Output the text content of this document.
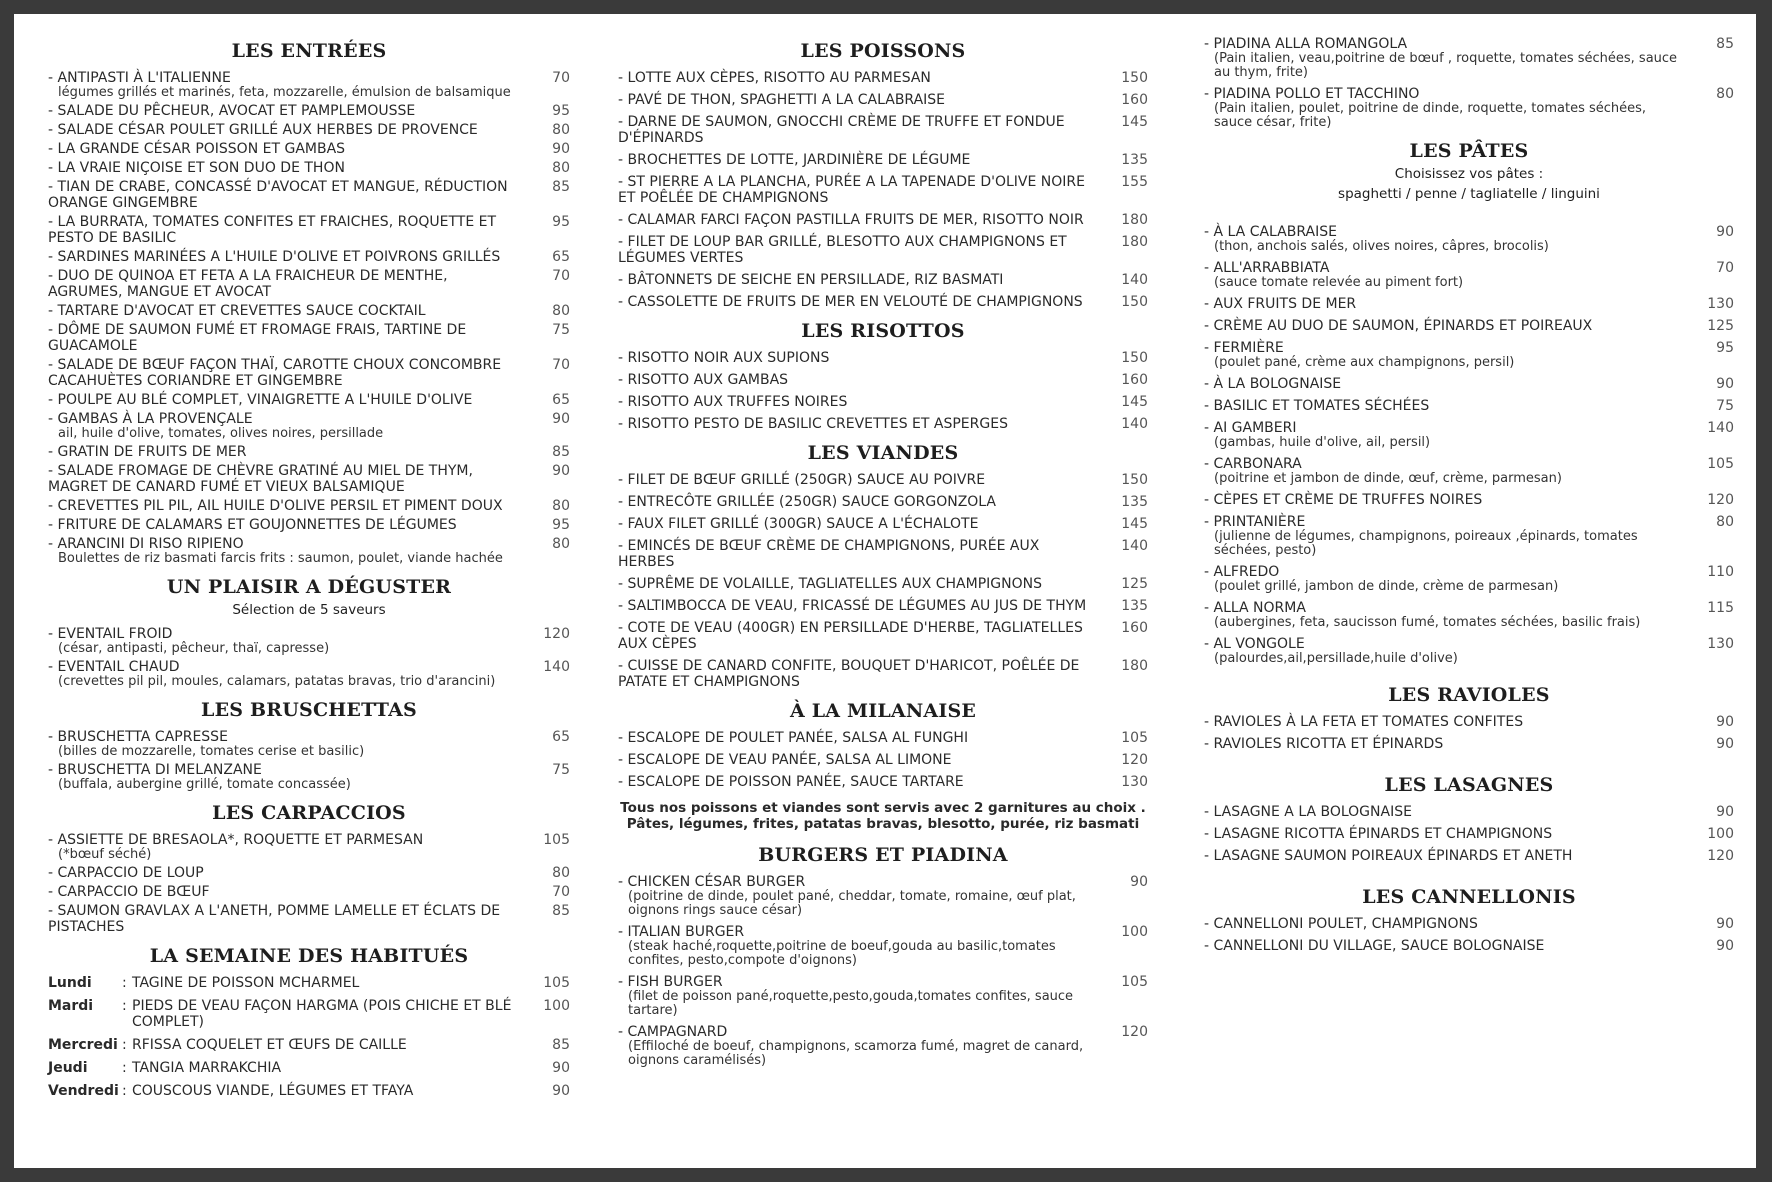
LES ENTRÉES
- ANTIPASTI À L'ITALIENNE
légumes grillés et marinés, feta, mozzarelle, émulsion de balsamique
70
- SALADE DU PÊCHEUR, AVOCAT ET PAMPLEMOUSSE	95
- SALADE CÉSAR POULET GRILLÉ AUX HERBES DE PROVENCE	80
- LA GRANDE CÉSAR POISSON ET GAMBAS	90
- LA VRAIE NIÇOISE ET SON DUO DE THON	80
- TIAN DE CRABE, CONCASSÉ D'AVOCAT ET MANGUE, RÉDUCTION ORANGE GINGEMBRE
85
- LA BURRATA, TOMATES CONFITES ET FRAICHES, ROQUETTE ET PESTO DE BASILIC
95
- SARDINES MARINÉES A L'HUILE D'OLIVE ET POIVRONS GRILLÉS	65
- DUO DE QUINOA ET FETA A LA FRAICHEUR DE MENTHE, AGRUMES, MANGUE ET AVOCAT
70
- TARTARE D'AVOCAT ET CREVETTES SAUCE COCKTAIL	80
- DÔME DE SAUMON FUMÉ ET FROMAGE FRAIS, TARTINE DE GUACAMOLE
75
- SALADE DE BŒUF FAÇON THAÏ, CAROTTE CHOUX CONCOMBRE CACAHUÈTES CORIANDRE ET GINGEMBRE
70
- POULPE AU BLÉ COMPLET, VINAIGRETTE A L'HUILE D'OLIVE	65
- GAMBAS À LA PROVENÇALE
ail, huile d'olive, tomates, olives noires, persillade
90
- GRATIN DE FRUITS DE MER	85
- SALADE FROMAGE DE CHÈVRE GRATINÉ AU MIEL DE THYM, MAGRET DE CANARD FUMÉ ET VIEUX BALSAMIQUE
90
- CREVETTES PIL PIL, AIL HUILE D'OLIVE PERSIL ET PIMENT DOUX	80
- FRITURE DE CALAMARS ET GOUJONNETTES DE LÉGUMES	95
- ARANCINI DI RISO RIPIENO
Boulettes de riz basmati farcis frits : saumon, poulet, viande hachée
80
UN PLAISIR A DÉGUSTER
Sélection de 5 saveurs
- EVENTAIL FROID
(césar, antipasti, pêcheur, thaï, capresse)
120
- EVENTAIL CHAUD
(crevettes pil pil, moules, calamars, patatas bravas, trio d'arancini)
140
LES BRUSCHETTAS
- BRUSCHETTA CAPRESSE
(billes de mozzarelle, tomates cerise et basilic)
65
- BRUSCHETTA DI MELANZANE
(buffala, aubergine grillé, tomate concassée)
75
LES CARPACCIOS
- ASSIETTE DE BRESAOLA*, ROQUETTE ET PARMESAN
(*bœuf séché)
105
- CARPACCIO DE LOUP	80
- CARPACCIO DE BŒUF	70
- SAUMON GRAVLAX A L'ANETH, POMME LAMELLE ET ÉCLATS DE PISTACHES
85
LA SEMAINE DES HABITUÉS
Lundi	: TAGINE DE POISSON MCHARMEL	105
Mardi	: PIEDS DE VEAU FAÇON HARGMA (POIS CHICHE ET BLÉ COMPLET)
100
Mercredi : RFISSA COQUELET ET ŒUFS DE CAILLE	85
Jeudi	: TANGIA MARRAKCHIA	90
Vendredi : COUSCOUS VIANDE, LÉGUMES ET TFAYA	90
LES POISSONS
- LOTTE AUX CÈPES, RISOTTO AU PARMESAN	150
- PAVÉ DE THON, SPAGHETTI A LA CALABRAISE	160
- DARNE DE SAUMON, GNOCCHI CRÈME DE TRUFFE ET FONDUE D'ÉPINARDS
145
- BROCHETTES DE LOTTE, JARDINIÈRE DE LÉGUME	135
- ST PIERRE A LA PLANCHA, PURÉE A LA TAPENADE D'OLIVE NOIRE ET POÊLÉE DE CHAMPIGNONS
155
- CALAMAR FARCI FAÇON PASTILLA FRUITS DE MER, RISOTTO NOIR	180
- FILET DE LOUP BAR GRILLÉ, BLESOTTO AUX CHAMPIGNONS ET LÉGUMES VERTES
180
- BÂTONNETS DE SEICHE EN PERSILLADE, RIZ BASMATI	140
- CASSOLETTE DE FRUITS DE MER EN VELOUTÉ DE CHAMPIGNONS	150
LES RISOTTOS
- RISOTTO NOIR AUX SUPIONS	150
- RISOTTO AUX GAMBAS	160
- RISOTTO AUX TRUFFES NOIRES	145
- RISOTTO PESTO DE BASILIC CREVETTES ET ASPERGES	140
LES VIANDES
- FILET DE BŒUF GRILLÉ (250GR) SAUCE AU POIVRE	150
- ENTRECÔTE GRILLÉE (250GR) SAUCE GORGONZOLA	135
- FAUX FILET GRILLÉ (300GR) SAUCE A L'ÉCHALOTE	145
- EMINCÉS DE BŒUF CRÈME DE CHAMPIGNONS, PURÉE AUX HERBES
140
- SUPRÊME DE VOLAILLE, TAGLIATELLES AUX CHAMPIGNONS	125
- SALTIMBOCCA DE VEAU, FRICASSÉ DE LÉGUMES AU JUS DE THYM	135
- COTE DE VEAU (400GR) EN PERSILLADE D'HERBE, TAGLIATELLES AUX CÈPES
160
- CUISSE DE CANARD CONFITE, BOUQUET D'HARICOT, POÊLÉE DE PATATE ET CHAMPIGNONS
180
À LA MILANAISE
- ESCALOPE DE POULET PANÉE, SALSA AL FUNGHI	105
- ESCALOPE DE VEAU PANÉE, SALSA AL LIMONE	120
- ESCALOPE DE POISSON PANÉE, SAUCE TARTARE	130
Tous nos poissons et viandes sont servis avec 2 garnitures au choix . Pâtes, légumes, frites, patatas bravas, blesotto, purée, riz basmati
BURGERS ET PIADINA
- CHICKEN CÉSAR BURGER
(poitrine de dinde, poulet pané, cheddar, tomate, romaine, œuf plat, oignons rings sauce césar)
90
- ITALIAN BURGER
(steak haché,roquette,poitrine de boeuf,gouda au basilic,tomates confites, pesto,compote d'oignons)
100
- FISH BURGER
(filet de poisson pané,roquette,pesto,gouda,tomates confites, sauce tartare)
105
- CAMPAGNARD
(Effiloché de boeuf, champignons, scamorza fumé, magret de canard, oignons caramélisés)
120
- PIADINA ALLA ROMANGOLA
(Pain italien, veau,poitrine de bœuf , roquette, tomates séchées, sauce au thym, frite)
85
- PIADINA POLLO ET TACCHINO
(Pain italien, poulet, poitrine de dinde, roquette, tomates séchées, sauce césar, frite)
80
LES PÂTES
Choisissez vos pâtes :
spaghetti / penne / tagliatelle / linguini
- À LA CALABRAISE
(thon, anchois salés, olives noires, câpres, brocolis)
90
- ALL'ARRABBIATA
(sauce tomate relevée au piment fort)
70
- AUX FRUITS DE MER	130
- CRÈME AU DUO DE SAUMON, ÉPINARDS ET POIREAUX	125
- FERMIÈRE
(poulet pané, crème aux champignons, persil)
95
- À LA BOLOGNAISE	90
- BASILIC ET TOMATES SÉCHÉES	75
- AI GAMBERI
(gambas, huile d'olive, ail, persil)
140
- CARBONARA
(poitrine et jambon de dinde, œuf, crème, parmesan)
105
- CÈPES ET CRÈME DE TRUFFES NOIRES	120
- PRINTANIÈRE
(julienne de légumes, champignons, poireaux ,épinards, tomates séchées, pesto)
80
- ALFREDO
(poulet grillé, jambon de dinde, crème de parmesan)
110
- ALLA NORMA
(aubergines, feta, saucisson fumé, tomates séchées, basilic frais)
115
- AL VONGOLE
(palourdes,ail,persillade,huile d'olive)
130
LES RAVIOLES
- RAVIOLES À LA FETA ET TOMATES CONFITES	90
- RAVIOLES RICOTTA ET ÉPINARDS	90
LES LASAGNES
- LASAGNE A LA BOLOGNAISE	90
- LASAGNE RICOTTA ÉPINARDS ET CHAMPIGNONS	100
- LASAGNE SAUMON POIREAUX ÉPINARDS ET ANETH	120
LES CANNELLONIS
- CANNELLONI POULET, CHAMPIGNONS	90
- CANNELLONI DU VILLAGE, SAUCE BOLOGNAISE	90
